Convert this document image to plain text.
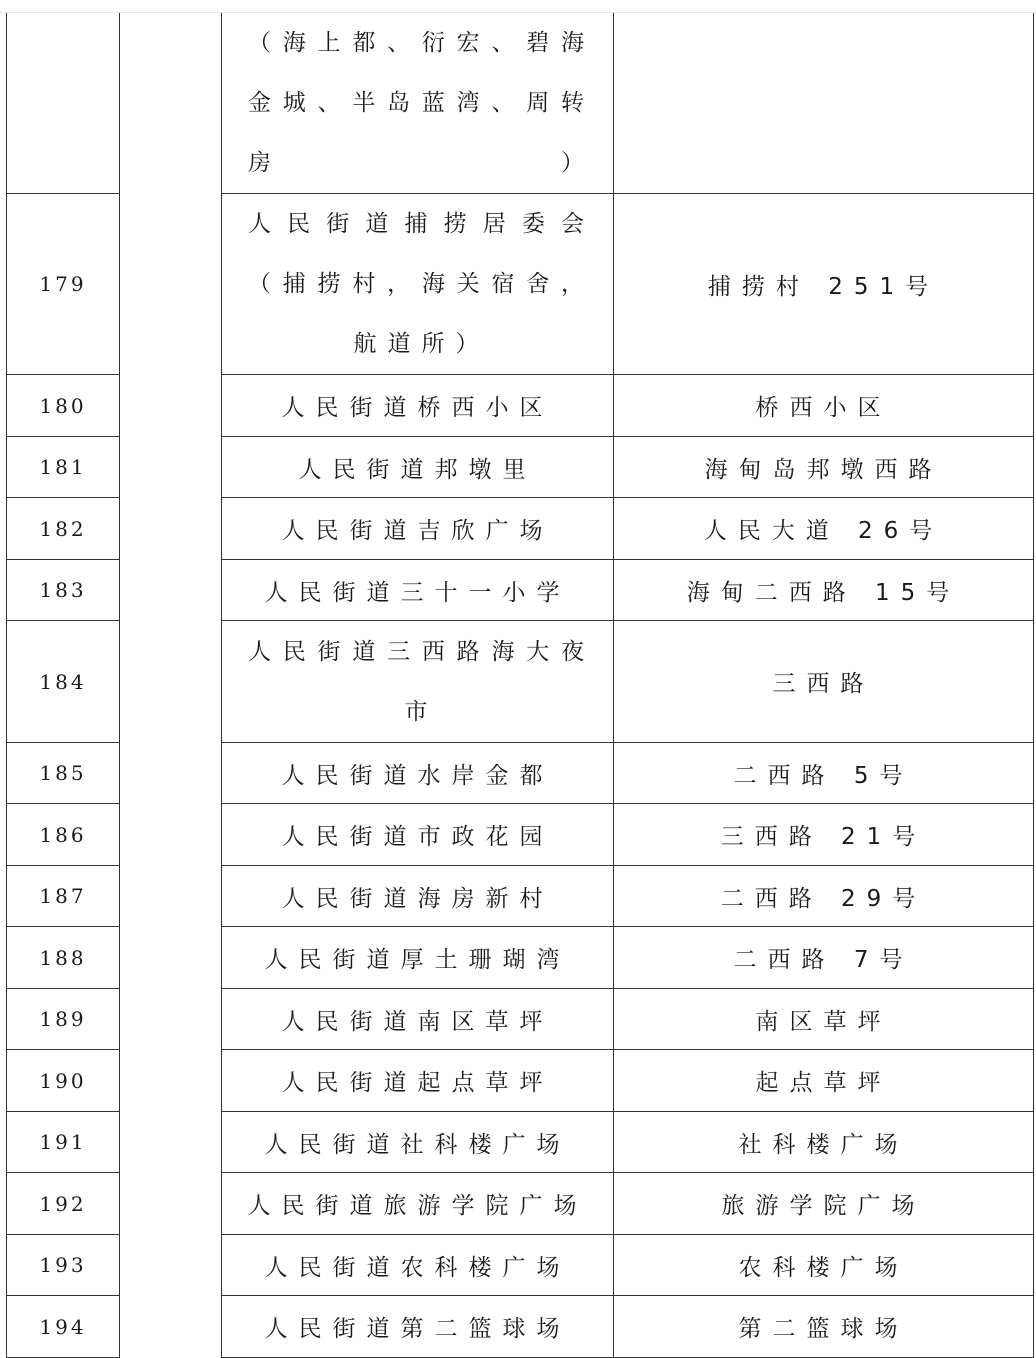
		（海上都、衍宏、碧海金城、半岛蓝湾、周转房）	

179		人民街道捕捞居委会（捕捞村，海关宿舍，航道所）	捕捞村 251号
180		人民街道桥西小区	桥西小区
181		人民街道邦墩里	海甸岛邦墩西路
182		人民街道吉欣广场	人民大道 26号
183		人民街道三十一小学	海甸二西路 15号
184		人民街道三西路海大夜市	三西路
185		人民街道水岸金都	二西路 5号
186		人民街道市政花园	三西路 21号
187		人民街道海房新村	二西路 29号
188		人民街道厚土珊瑚湾	二西路 7号
189		人民街道南区草坪	南区草坪
190		人民街道起点草坪	起点草坪
191		人民街道社科楼广场	社科楼广场
192		人民街道旅游学院广场	旅游学院广场
193		人民街道农科楼广场	农科楼广场
194		人民街道第二篮球场	第二篮球场
